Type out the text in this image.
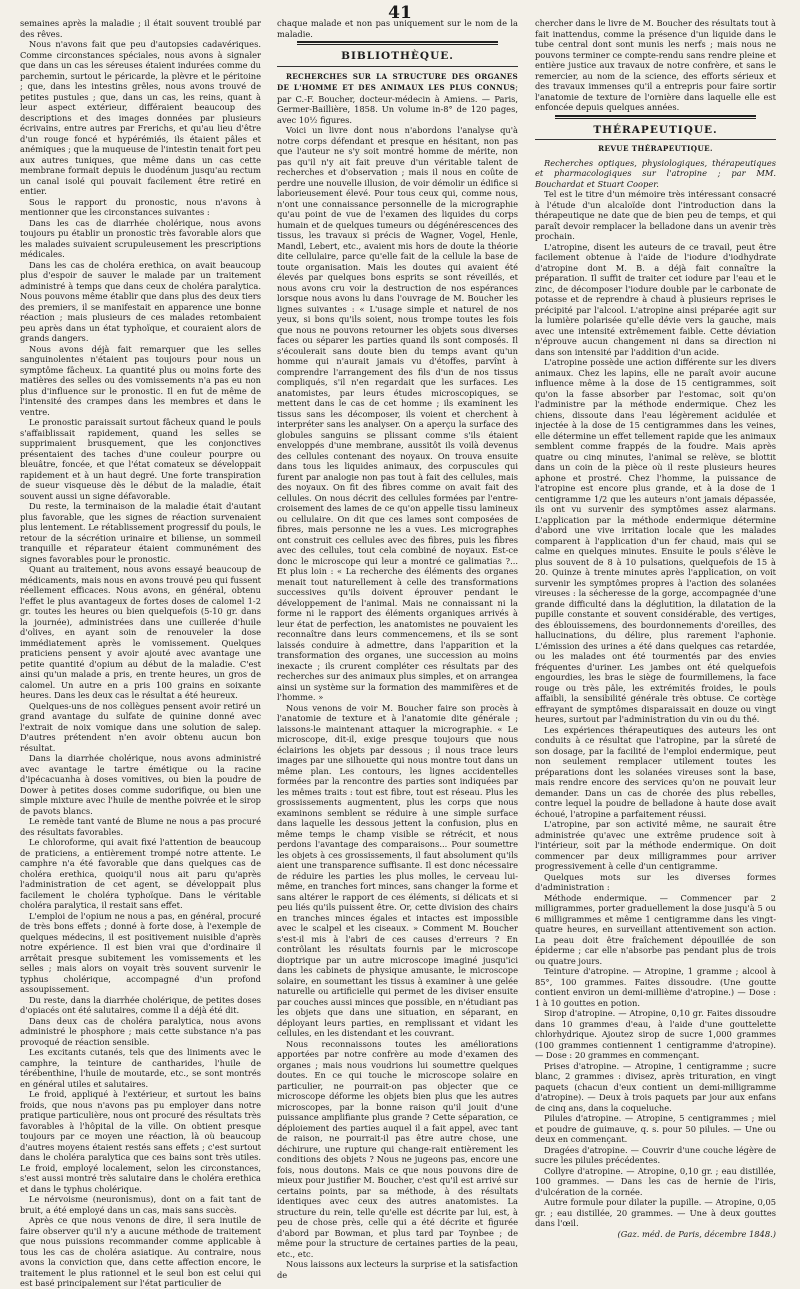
41

semaines après la maladie ; il était souvent troublé par des rêves.

Nous n'avons fait que peu d'autopsies cadavériques. Comme circonstances spéciales, nous avons à signaler que dans un cas les séreuses étaient indurées comme du parchemin, surtout le péricarde, la plèvre et le péritoine ; que, dans les intestins grêles, nous avons trouvé de petites pustules ; que, dans un cas, les reins, quant à leur aspect extérieur, différaient beaucoup des descriptions et des images données par plusieurs écrivains, entre autres par Frerichs, et qu'au lieu d'être d'un rouge foncé et hypérémiés, ils étaient pâles et anémiques ; que la muqueuse de l'intestin tenait fort peu aux autres tuniques, que même dans un cas cette membrane formait depuis le duodénum jusqu'au rectum un canal isolé qui pouvait facilement être retiré en entier.

Sous le rapport du pronostic, nous n'avons à mentionner que les circonstances suivantes :

Dans les cas de diarrhée cholérique, nous avons toujours pu établir un pronostic très favorable alors que les malades suivaient scrupuleusement les prescriptions médicales.

Dans les cas de choléra erethica, on avait beaucoup plus d'espoir de sauver le malade par un traitement administré à temps que dans ceux de choléra paralytica. Nous pouvons même établir que dans plus des deux tiers des premiers, il se manifestait en apparence une bonne réaction ; mais plusieurs de ces malades retombaient peu après dans un état typhoïque, et couraient alors de grands dangers.

Nous avons déjà fait remarquer que les selles sanguinolentes n'étaient pas toujours pour nous un symptôme fâcheux. La quantité plus ou moins forte des matières des selles ou des vomissements n'a pas eu non plus d'influence sur le pronostic. Il en fut de même de l'intensité des crampes dans les membres et dans le ventre.

Le pronostic paraissait surtout fâcheux quand le pouls s'affaiblissait rapidement, quand les selles se supprimaient brusquement, que les conjonctives présentaient des taches d'une couleur pourpre ou bleuâtre, foncée, et que l'état comateux se développait rapidement et à un haut degré. Une forte transpiration de sueur visqueuse dès le début de la maladie, était souvent aussi un signe défavorable.

Du reste, la terminaison de la maladie était d'autant plus favorable, que les signes de réaction survenaient plus lentement. Le rétablissement progressif du pouls, le retour de la sécrétion urinaire et biliense, un sommeil tranquille et réparateur étaient communément des signes favorables pour le pronostic.

Quant au traitement, nous avons essayé beaucoup de médicaments, mais nous en avons trouvé peu qui fussent réellement efficaces. Nous avons, en général, obtenu l'effet le plus avantageux de fortes doses de calomel 1-2 gr. toutes les heures ou bien quelquefois (5-10 gr. dans la journée), administrées dans une cuillerée d'huile d'olives, en ayant soin de renouveler la dose immédiatement après le vomissement. Quelques praticiens pensent y avoir ajouté avec avantage une petite quantité d'opium au début de la maladie. C'est ainsi qu'un malade a pris, en trente heures, un gros de calomel. Un autre en a pris 100 grains en soixante heures. Dans les deux cas le résultat a été heureux.

Quelques-uns de nos collègues pensent avoir retiré un grand avantage du sulfate de quinine donné avec l'extrait de noix vomique dans une solution de salep. D'autres prétendent n'en avoir obtenu aucun bon résultat.

Dans la diarrhée cholérique, nous avons administré avec avantage le tartre émétique ou la racine d'ipécacuanha à doses vomitives, ou bien la poudre de Dower à petites doses comme sudorifique, ou bien une simple mixture avec l'huile de menthe poivrée et le sirop de pavots blancs.

Le remède tant vanté de Blume ne nous a pas procuré des résultats favorables.

Le chloroforme, qui avait fixé l'attention de beaucoup de praticiens, a entièrement trompé notre attente. Le camphre n'a été favorable que dans quelques cas de choléra erethica, quoiqu'il nous ait paru qu'après l'administration de cet agent, se développait plus facilement le choléra typhoïque. Dans le véritable choléra paralytica, il restait sans effet.

L'emploi de l'opium ne nous a pas, en général, procuré de très bons effets ; donné à forte dose, à l'exemple de quelques médecins, il est positivement nuisible d'après notre expérience. Il est bien vrai que d'ordinaire il arrêtait presque subitement les vomissements et les selles ; mais alors on voyait très souvent survenir le typhus cholérique, accompagné d'un profond assoupissement.

Du reste, dans la diarrhée cholérique, de petites doses d'opiacés ont été salutaires, comme il a déjà été dit.

Dans deux cas de choléra paralytica, nous avons administré le phosphore ; mais cette substance n'a pas provoqué de réaction sensible.

Les excitants cutanés, tels que des liniments avec le camphre, la teinture de cantharides, l'huile de térébenthine, l'huile de moutarde, etc., se sont montrés en général utiles et salutaires.

Le froid, appliqué à l'extérieur, et surtout les bains froids, que nous n'avons pas pu employer dans notre pratique particulière, nous ont procuré des résultats très favorables à l'hôpital de la ville. On obtient presque toujours par ce moyen une réaction, là où beaucoup d'autres moyens étaient restés sans effets ; c'est surtout dans le choléra paralytica que ces bains sont très utiles. Le froid, employé localement, selon les circonstances, s'est aussi montré très salutaire dans le choléra erethica et dans le typhus cholérique.

Le nérvoisme (neuronismus), dont on a fait tant de bruit, a été employé dans un cas, mais sans succès.

Après ce que nous venons de dire, il sera inutile de faire observer qu'il n'y a aucune méthode de traitement que nous puissions recommander comme applicable à tous les cas de choléra asiatique. Au contraire, nous avons la conviction que, dans cette affection encore, le traitement le plus rationnel et le seul bon est celui qui est basé principalement sur l'état particulier de

chaque malade et non pas uniquement sur le nom de la maladie.

BIBLIOTHÈQUE.

RECHERCHES SUR LA STRUCTURE DES ORGANES DE L'HOMME ET DES ANIMAUX LES PLUS CONNUS; par C.-F. Boucher, docteur-médecin à Amiens. — Paris, Germer-Baillière, 1858. Un volume in-8° de 120 pages, avec 10½ figures.

Voici un livre dont nous n'abordons l'analyse qu'à notre corps défendant et presque en hésitant, non pas que l'auteur ne s'y soit montré homme de mérite, non pas qu'il n'y ait fait preuve d'un véritable talent de recherches et d'observation ; mais il nous en coûte de perdre une nouvelle illusion, de voir démolir un édifice si laborieusement élevé. Pour tous ceux qui, comme nous, n'ont une connaissance personnelle de la micrographie qu'au point de vue de l'examen des liquides du corps humain et de quelques tumeurs ou dégénérescences des tissus, les travaux si précis de Wagner, Vogel, Henle, Mandl, Lebert, etc., avaient mis hors de doute la théorie dite cellulaire, parce qu'elle fait de la cellule la base de toute organisation. Mais les doutes qui avaient été élevés par quelques bons esprits se sont réveillés, et nous avons cru voir la destruction de nos espérances lorsque nous avons lu dans l'ouvrage de M. Boucher les lignes suivantes : « L'usage simple et naturel de nos yeux, si bons qu'ils soient, nous trompe toutes les fois que nous ne pouvons retourner les objets sous diverses faces ou séparer les parties quand ils sont composés. Il s'écoulerait sans doute bien du temps avant qu'un homme qui n'aurait jamais vu d'étoffes, parvînt à comprendre l'arrangement des fils d'un de nos tissus compliqués, s'il n'en regardait que les surfaces. Les anatomistes, par leurs études microscopiques, se mettent dans le cas de cet homme ; ils examinent les tissus sans les décomposer, ils voient et cherchent à interpréter sans les analyser. On a aperçu la surface des globules sanguins se plissant comme s'ils étaient enveloppés d'une membrane, aussitôt ils voilà devenus des cellules contenant des noyaux. On trouva ensuite dans tous les liquides animaux, des corpuscules qui furent par analogie non pas tout à fait des cellules, mais des noyaux. On fit des fibres comme on avait fait des cellules. On nous décrit des cellules formées par l'entre-croisement des lames de ce qu'on appelle tissu lamineux ou cellulaire. On dit que ces lames sont composées de fibres, mais personne ne les a vues. Les micrographes ont construit ces cellules avec des fibres, puis les fibres avec des cellules, tout cela combiné de noyaux. Est-ce donc le microscope qui leur a montré ce galimatias ?... Et plus loin : « La recherche des éléments des organes menait tout naturellement à celle des transformations successives qu'ils doivent éprouver pendant le développement de l'animal. Mais ne connaissant ni la forme ni le rapport des éléments organiques arrivés à leur état de perfection, les anatomistes ne pouvaient les reconnaître dans leurs commencemens, et ils se sont laissés conduire à admettre, dans l'apparition et la transformation des organes, une succession au moins inexacte ; ils crurent compléter ces résultats par des recherches sur des animaux plus simples, et on arrangea ainsi un système sur la formation des mammifères et de l'homme. »

Nous venons de voir M. Boucher faire son procès à l'anatomie de texture et à l'anatomie dite générale ; laissons-le maintenant attaquer la micrographie. « Le microscope, dit-il, exige presque toujours que nous éclairions les objets par dessous ; il nous trace leurs images par une silhouette qui nous montre tout dans un même plan. Les contours, les lignes accidentelles formées par la rencontre des parties sont indiquées par les mêmes traits : tout est fibre, tout est réseau. Plus les grossissements augmentent, plus les corps que nous examinons semblent se réduire à une simple surface dans laquelle les dessous jettent la confusion, plus en même temps le champ visible se rétrécit, et nous perdons l'avantage des comparaisons... Pour soumettre les objets à ces grossissements, il faut absolument qu'ils aient une transparence suffisante. Il est donc nécessaire de réduire les parties les plus molles, le cerveau lui-même, en tranches fort minces, sans changer la forme et sans altérer le rapport de ces éléments, si délicats et si peu liés qu'ils puissent être. Or, cette division des chairs en tranches minces égales et intactes est impossible avec le scalpel et les ciseaux. » Comment M. Boucher s'est-il mis à l'abri de ces causes d'erreurs ? En contrôlant les résultats fournis par le microscope dioptrique par un autre microscope imaginé jusqu'ici dans les cabinets de physique amusante, le microscope solaire, en soumettant les tissus à examiner à une gelée naturelle ou artificielle qui permet de les diviser ensuite par couches aussi minces que possible, en n'étudiant pas les objets que dans une situation, en séparant, en déployant leurs parties, en remplissant et vidant les cellules, en les distendant et les couvrant.

Nous reconnaissons toutes les améliorations apportées par notre confrère au mode d'examen des organes ; mais nous voudrions lui soumettre quelques doutes. En ce qui touche le microscope solaire en particulier, ne pourrait-on pas objecter que ce microscope déforme les objets bien plus que les autres microscopes, par la bonne raison qu'il jouit d'une puissance amplifiante plus grande ? Cette séparation, ce déploiement des parties auquel il a fait appel, avec tant de raison, ne pourrait-il pas être autre chose, une déchirure, une rupture qui change-rait entièrement les conditions des objets ? Nous ne jugeons pas, encore une fois, nous doutons. Mais ce que nous pouvons dire de mieux pour justifier M. Boucher, c'est qu'il est arrivé sur certains points, par sa méthode, à des résultats identiques avec ceux des autres anatomistes. La structure du rein, telle qu'elle est décrite par lui, est, à peu de chose près, celle qui a été décrite et figurée d'abord par Bowman, et plus tard par Toynbee ; de même pour la structure de certaines parties de la peau, etc., etc.

Nous laissons aux lecteurs la surprise et la satisfaction de

chercher dans le livre de M. Boucher des résultats tout à fait inattendus, comme la présence d'un liquide dans le tube central dont sont munis les nerfs ; mais nous ne pouvons terminer ce compte-rendu sans rendre pleine et entière justice aux travaux de notre confrère, et sans le remercier, au nom de la science, des efforts sérieux et des travaux immenses qu'il a entrepris pour faire sortir l'anatomie de texture de l'ornière dans laquelle elle est enfoncée depuis quelques années.

THÉRAPEUTIQUE.
REVUE THÉRAPEUTIQUE.

Recherches optiques, physiologiques, thérapeutiques et pharmacologiques sur l'atropine ; par MM. Bouchardat et Stuart Cooper.

Tel est le titre d'un mémoire très intéressant consacré à l'étude d'un alcaloïde dont l'introduction dans la thérapeutique ne date que de bien peu de temps, et qui paraît devoir remplacer la belladone dans un avenir très prochain.

L'atropine, disent les auteurs de ce travail, peut être facilement obtenue à l'aide de l'iodure d'iodhydrate d'atropine dont M. B. a déjà fait connaître la préparation. Il suffit de traiter cet iodure par l'eau et le zinc, de décomposer l'iodure double par le carbonate de potasse et de reprendre à chaud à plusieurs reprises le précipité par l'alcool. L'atropine ainsi préparée agit sur la lumière polarisée qu'elle dévie vers la gauche, mais avec une intensité extrêmement faible. Cette déviation n'éprouve aucun changement ni dans sa direction ni dans son intensité par l'addition d'un acide.

L'atropine possède une action différente sur les divers animaux. Chez les lapins, elle ne paraît avoir aucune influence même à la dose de 15 centigrammes, soit qu'on la fasse absorber par l'estomac, soit qu'on l'administre par la méthode endermique. Chez les chiens, dissoute dans l'eau légèrement acidulée et injectée à la dose de 15 centigrammes dans les veines, elle détermine un effet tellement rapide que les animaux semblent comme frappés de la foudre. Mais après quatre ou cinq minutes, l'animal se relève, se blottit dans un coin de la pièce où il reste plusieurs heures aphone et prostré. Chez l'homme, la puissance de l'atropine est encore plus grande, et à la dose de 1 centigramme 1/2 que les auteurs n'ont jamais dépassée, ils ont vu survenir des symptômes assez alarmans. L'application par la méthode endermique détermine d'abord une vive irritation locale que les malades comparent à l'application d'un fer chaud, mais qui se calme en quelques minutes. Ensuite le pouls s'élève le plus souvent de 8 à 10 pulsations, quelquefois de 15 à 20. Quinze à trente minutes après l'application, on voit survenir les symptômes propres à l'action des solanées vireuses : la sécheresse de la gorge, accompagnée d'une grande difficulté dans la déglutition, la dilatation de la pupille constante et souvent considérable, des vertiges, des éblouissemens, des bourdonnements d'oreilles, des hallucinations, du délire, plus rarement l'aphonie. L'émission des urines a été dans quelques cas retardée, ou les malades ont été tourmentés par des envies fréquentes d'uriner. Les jambes ont été quelquefois engourdies, les bras le siège de fourmillemens, la face rouge ou très pâle, les extrémités froides, le pouls affaibli, la sensibilité générale très obtuse. Ce cortège effrayant de symptômes disparaissait en douze ou vingt heures, surtout par l'administration du vin ou du thé.

Les expériences thérapeutiques des auteurs les ont conduits à ce résultat que l'atropine, par la sûreté de son dosage, par la facilité de l'emploi endermique, peut non seulement remplacer utilement toutes les préparations dont les solanées vireuses sont la base, mais rendre encore des services qu'on ne pouvait leur demander. Dans un cas de chorée des plus rebelles, contre lequel la poudre de belladone à haute dose avait échoué, l'atropine a parfaitement réussi.

L'atropine, par son activité même, ne saurait être administrée qu'avec une extrême prudence soit à l'intérieur, soit par la méthode endermique. On doit commencer par deux milligrammes pour arriver progressivement à celle d'un centigramme.

Quelques mots sur les diverses formes d'administration :

Méthode endermique. — Commencer par 2 milligrammes, porter graduellement la dose jusqu'à 5 ou 6 milligrammes et même 1 centigramme dans les vingt-quatre heures, en surveillant attentivement son action. La peau doit être fraîchement dépouillée de son épiderme ; car elle n'absorbe pas pendant plus de trois ou quatre jours.

Teinture d'atropine. — Atropine, 1 gramme ; alcool à 85°, 100 grammes. Faites dissoudre. (Une goutte contient environ un demi-millième d'atropine.) — Dose : 1 à 10 gouttes en potion.

Sirop d'atropine. — Atropine, 0,10 gr. Faites dissoudre dans 10 grammes d'eau, à l'aide d'une gouttelette chlorhydrique. Ajoutez sirop de sucre 1,000 grammes (100 grammes contiennent 1 centigramme d'atropine). — Dose : 20 grammes en commençant.

Prises d'atropine. — Atropine, 1 centigramme ; sucre blanc, 2 grammes : divisez, après trituration, en vingt paquets (chacun d'eux contient un demi-milligramme d'atropine). — Deux à trois paquets par jour aux enfans de cinq ans, dans la coqueluche.

Pilules d'atropine. — Atropine, 5 centigrammes ; miel et poudre de guimauve, q. s. pour 50 pilules. — Une ou deux en commençant.

Dragées d'atropine. — Couvrir d'une couche légère de sucre les pilules précédentes.

Collyre d'atropine. — Atropine, 0,10 gr. ; eau distillée, 100 grammes. — Dans les cas de hernie de l'iris, d'ulcération de la cornée.

Autre formule pour dilater la pupille. — Atropine, 0,05 gr. ; eau distillée, 20 grammes. — Une à deux gouttes dans l'œil.

(Gaz. méd. de Paris, décembre 1848.)
